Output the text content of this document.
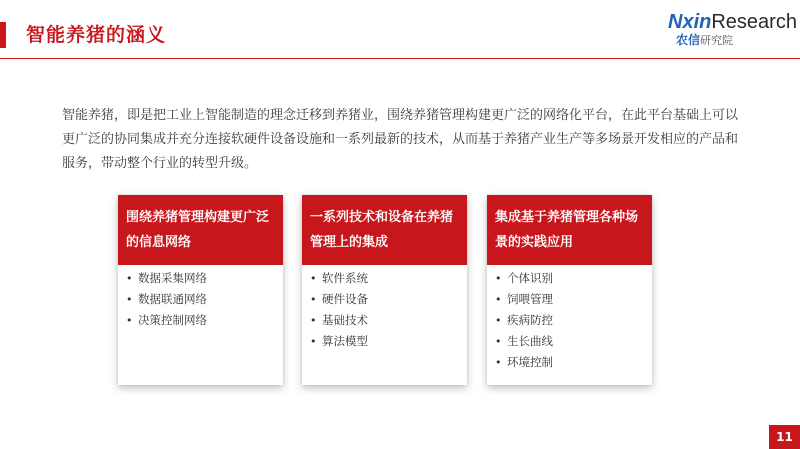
智能养猪的涵义
NxinResearch
农信研究院
智能养猪，即是把工业上智能制造的理念迁移到养猪业，围绕养猪管理构建更广泛的网络化平台，在此平台基础上可以更广泛的协同集成并充分连接软硬件设备设施和一系列最新的技术，从而基于养猪产业生产等多场景开发相应的产品和服务，带动整个行业的转型升级。
围绕养猪管理构建更广泛的信息网络
• 数据采集网络
• 数据联通网络
• 决策控制网络
一系列技术和设备在养猪管理上的集成
• 软件系统
• 硬件设备
• 基础技术
• 算法模型
集成基于养猪管理各种场景的实践应用
• 个体识别
• 饲喂管理
• 疾病防控
• 生长曲线
• 环境控制
11
